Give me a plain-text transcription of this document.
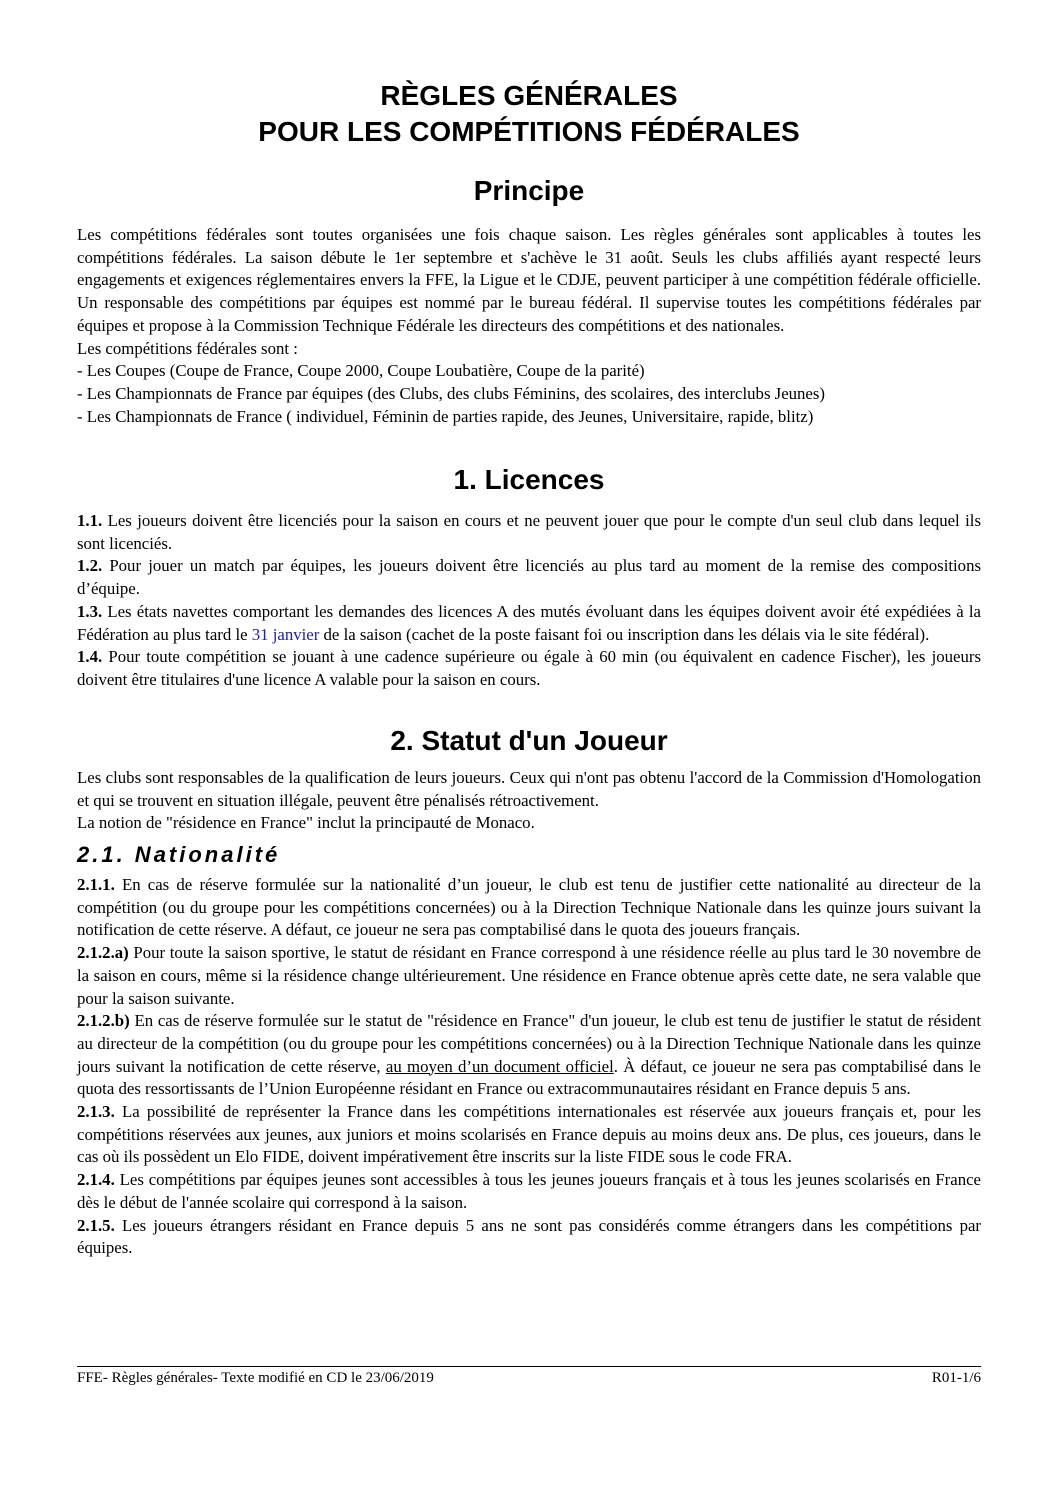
RÈGLES GÉNÉRALES
POUR LES COMPÉTITIONS FÉDÉRALES
Principe

Les compétitions fédérales sont toutes organisées une fois chaque saison. Les règles générales sont applicables à toutes les compétitions fédérales. La saison débute le 1er septembre et s'achève le 31 août. Seuls les clubs affiliés ayant respecté leurs engagements et exigences réglementaires envers la FFE, la Ligue et le CDJE, peuvent participer à une compétition fédérale officielle. Un responsable des compétitions par équipes est nommé par le bureau fédéral. Il supervise toutes les compétitions fédérales par équipes et propose à la Commission Technique Fédérale les directeurs des compétitions et des nationales.

Les compétitions fédérales sont :

- Les Coupes (Coupe de France, Coupe 2000, Coupe Loubatière, Coupe de la parité)

- Les Championnats de France par équipes (des Clubs, des clubs Féminins, des scolaires, des interclubs Jeunes)

- Les Championnats de France ( individuel, Féminin de parties rapide, des Jeunes, Universitaire, rapide, blitz)

1. Licences

1.1. Les joueurs doivent être licenciés pour la saison en cours et ne peuvent jouer que pour le compte d'un seul club dans lequel ils sont licenciés.

1.2. Pour jouer un match par équipes, les joueurs doivent être licenciés au plus tard au moment de la remise des compositions d’équipe.

1.3. Les états navettes comportant les demandes des licences A des mutés évoluant dans les équipes doivent avoir été expédiées à la Fédération au plus tard le 31 janvier de la saison (cachet de la poste faisant foi ou inscription dans les délais via le site fédéral).

1.4. Pour toute compétition se jouant à une cadence supérieure ou égale à 60 min (ou équivalent en cadence Fischer), les joueurs doivent être titulaires d'une licence A valable pour la saison en cours.

2. Statut d'un Joueur

Les clubs sont responsables de la qualification de leurs joueurs. Ceux qui n'ont pas obtenu l'accord de la Commission d'Homologation et qui se trouvent en situation illégale, peuvent être pénalisés rétroactivement.

La notion de "résidence en France" inclut la principauté de Monaco.

2.1. Nationalité

2.1.1. En cas de réserve formulée sur la nationalité d’un joueur, le club est tenu de justifier cette nationalité au directeur de la compétition (ou du groupe pour les compétitions concernées) ou à la Direction Technique Nationale dans les quinze jours suivant la notification de cette réserve. A défaut, ce joueur ne sera pas comptabilisé dans le quota des joueurs français.

2.1.2.a) Pour toute la saison sportive, le statut de résidant en France correspond à une résidence réelle au plus tard le 30 novembre de la saison en cours, même si la résidence change ultérieurement. Une résidence en France obtenue après cette date, ne sera valable que pour la saison suivante.

2.1.2.b) En cas de réserve formulée sur le statut de "résidence en France" d'un joueur, le club est tenu de justifier le statut de résident au directeur de la compétition (ou du groupe pour les compétitions concernées) ou à la Direction Technique Nationale dans les quinze jours suivant la notification de cette réserve, au moyen d’un document officiel. À défaut, ce joueur ne sera pas comptabilisé dans le quota des ressortissants de l’Union Européenne résidant en France ou extracommunautaires résidant en France depuis 5 ans.

2.1.3. La possibilité de représenter la France dans les compétitions internationales est réservée aux joueurs français et, pour les compétitions réservées aux jeunes, aux juniors et moins scolarisés en France depuis au moins deux ans. De plus, ces joueurs, dans le cas où ils possèdent un Elo FIDE, doivent impérativement être inscrits sur la liste FIDE sous le code FRA.

2.1.4. Les compétitions par équipes jeunes sont accessibles à tous les jeunes joueurs français et à tous les jeunes scolarisés en France dès le début de l'année scolaire qui correspond à la saison.

2.1.5. Les joueurs étrangers résidant en France depuis 5 ans ne sont pas considérés comme étrangers dans les compétitions par équipes.

FFE- Règles générales- Texte modifié en CD le 23/06/2019	R01-1/6
